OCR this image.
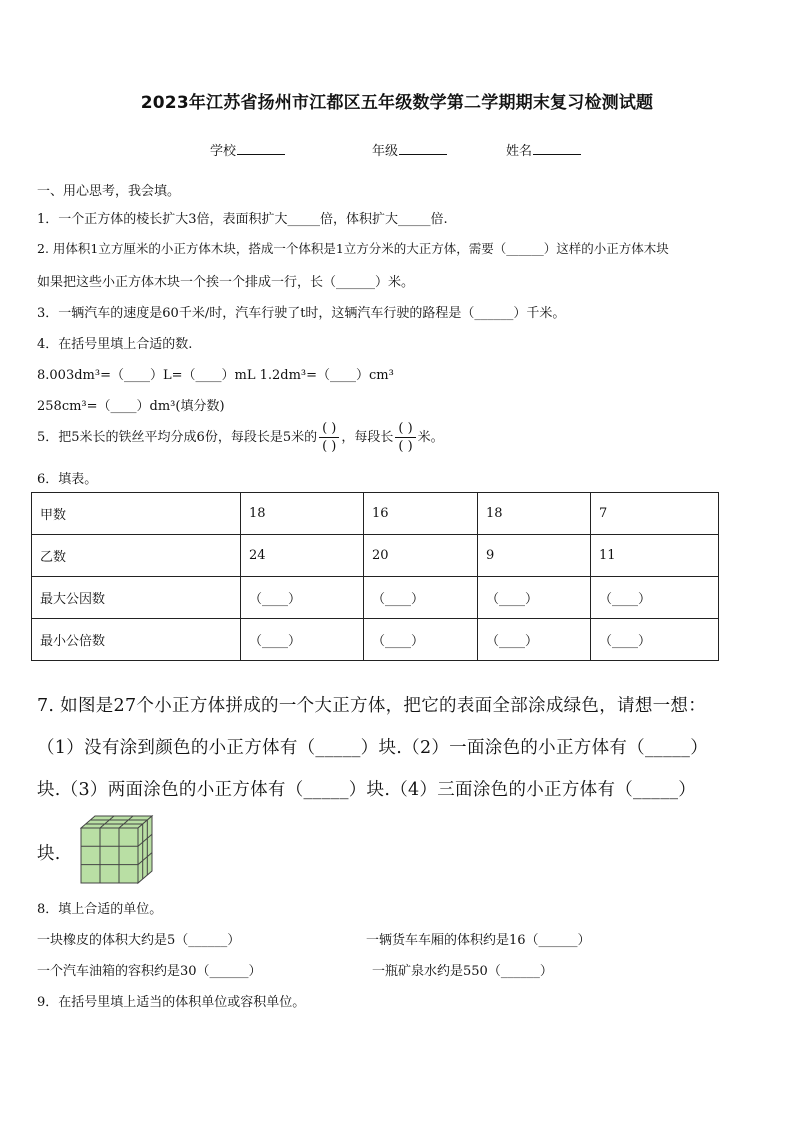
2023年江苏省扬州市江都区五年级数学第二学期期末复习检测试题
学校	年级	姓名
一、用心思考，我会填。
1．一个正方体的棱长扩大3倍，表面积扩大_____倍，体积扩大_____倍.
2. 用体积1立方厘米的小正方体木块，搭成一个体积是1立方分米的大正方体，需要（______）这样的小正方体木块
如果把这些小正方体木块一个挨一个排成一行，长（______）米。
3．一辆汽车的速度是60千米/时，汽车行驶了t时，这辆汽车行驶的路程是（______）千米。
4．在括号里填上合适的数.
8.003dm³=（____）L=（____）mL 1.2dm³=（____）cm³
258cm³=（____）dm³(填分数)
5．把5米长的铁丝平均分成6份，每段长是5米的 $\frac{( )}{( )}$ ，每段长 $\frac{( )}{( )}$ 米。
6．填表。
甲数	18	16	18	7
乙数	24	20	9	11
最大公因数	（____）	（____）	（____）	（____）
最小公倍数	（____）	（____）	（____）	（____）
7. 如图是27个小正方体拼成的一个大正方体，把它的表面全部涂成绿色，请想一想：
（1）没有涂到颜色的小正方体有（_____）块.（2）一面涂色的小正方体有（_____）
块.（3）两面涂色的小正方体有（_____）块.（4）三面涂色的小正方体有（_____）
块.
8．填上合适的单位。
一块橡皮的体积大约是5（______）	一辆货车车厢的体积约是16（______）
一个汽车油箱的容积约是30（______）	一瓶矿泉水约是550（______）
9．在括号里填上适当的体积单位或容积单位。
